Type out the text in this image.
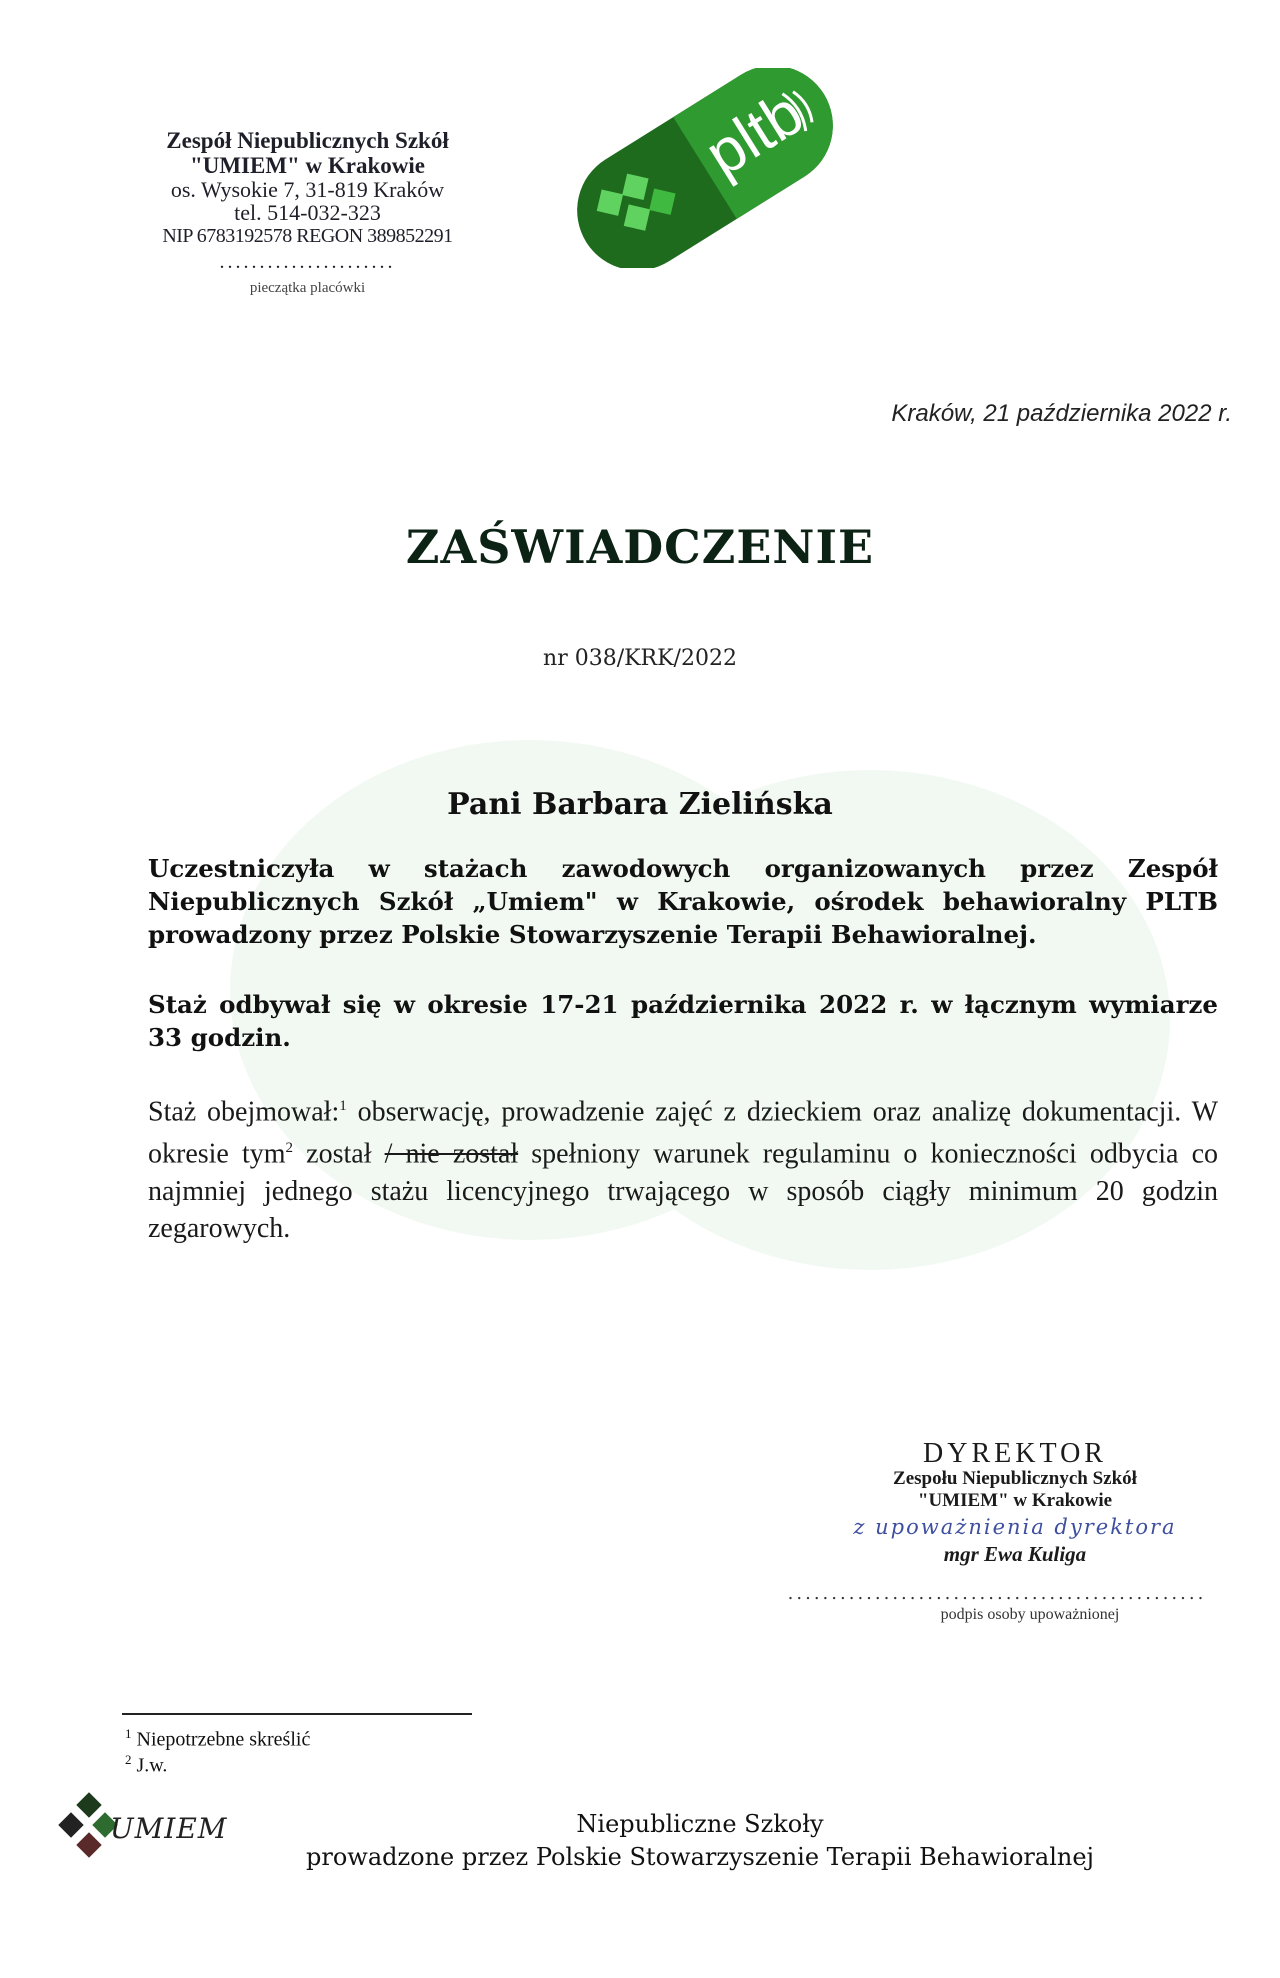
Zespół Niepublicznych Szkół
"UMIEM" w Krakowie
os. Wysokie 7, 31-819 Kraków
tel. 514-032-323
NIP 6783192578 REGON 389852291
......................
pieczątka placówki
pltb
Kraków, 21 października 2022 r.
ZAŚWIADCZENIE
nr 038/KRK/2022
Pani Barbara Zielińska
Uczestniczyła w stażach zawodowych organizowanych przez Zespół Niepublicznych Szkół „Umiem" w Krakowie, ośrodek behawioralny PLTB prowadzony przez Polskie Stowarzyszenie Terapii Behawioralnej.
Staż odbywał się w okresie 17-21 października 2022 r. w łącznym wymiarze 33 godzin.
Staż obejmował:$^1$ obserwację, prowadzenie zajęć z dzieckiem oraz analizę dokumentacji. W okresie tym$^2$ został / nie został spełniony warunek regulaminu o konieczności odbycia co najmniej jednego stażu licencyjnego trwającego w sposób ciągły minimum 20 godzin zegarowych.
DYREKTOR
Zespołu Niepublicznych Szkół
"UMIEM" w Krakowie
z upoważnienia dyrektora
mgr Ewa Kuliga
................................................
podpis osoby upoważnionej
$^1$ Niepotrzebne skreślić
$^2$ J.w.
UMIEM	Niepubliczne Szkoły
prowadzone przez Polskie Stowarzyszenie Terapii Behawioralnej
